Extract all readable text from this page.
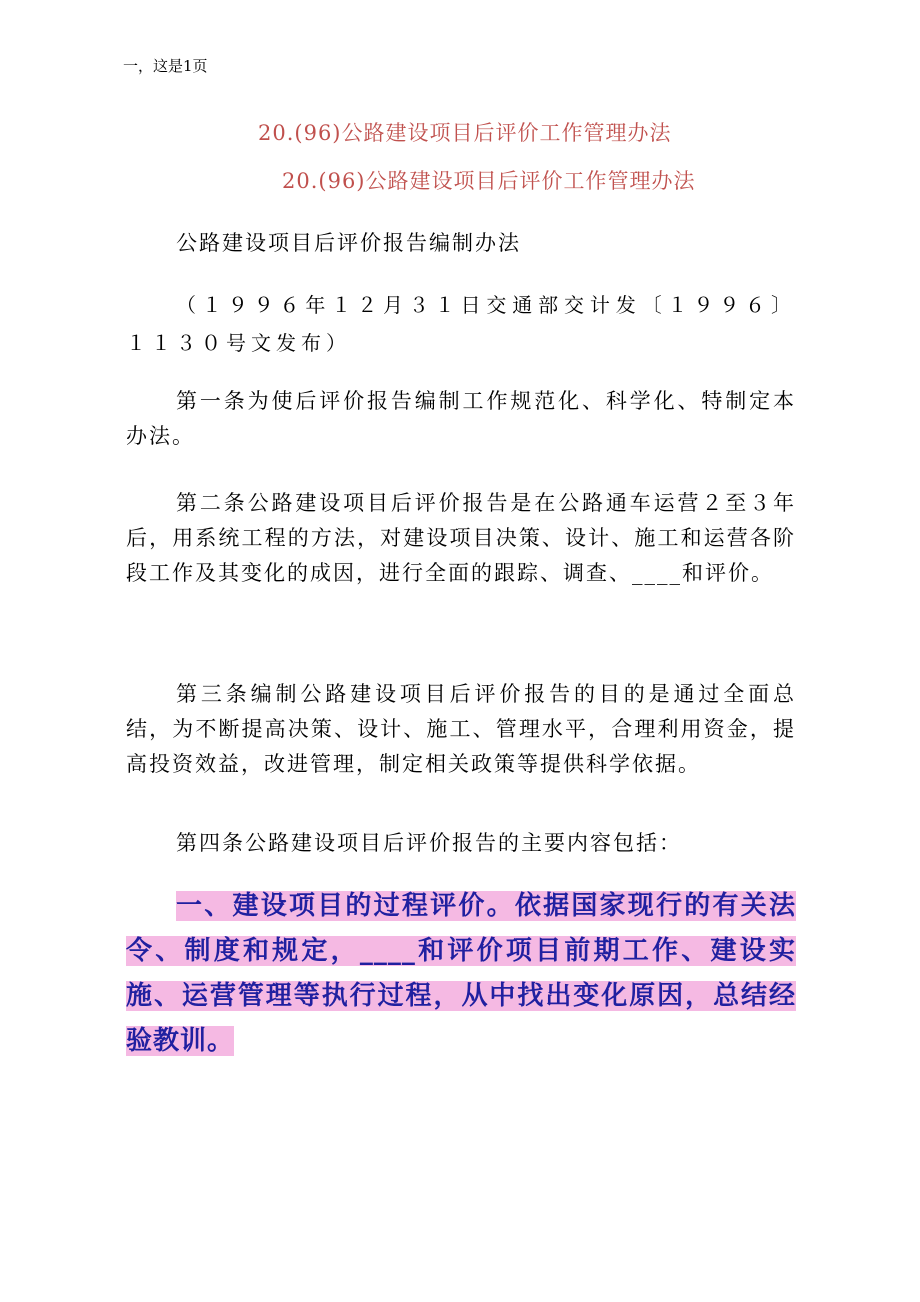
一，这是1页
20.(96)公路建设项目后评价工作管理办法
20.(96)公路建设项目后评价工作管理办法
公路建设项目后评价报告编制办法
（１９９６年１２月３１日交通部交计发〔１９９６〕１１３０号文发布）
第一条为使后评价报告编制工作规范化、科学化、特制定本办法。
第二条公路建设项目后评价报告是在公路通车运营２至３年后，用系统工程的方法，对建设项目决策、设计、施工和运营各阶段工作及其变化的成因，进行全面的跟踪、调查、____和评价。
第三条编制公路建设项目后评价报告的目的是通过全面总结，为不断提高决策、设计、施工、管理水平，合理利用资金，提高投资效益，改进管理，制定相关政策等提供科学依据。
第四条公路建设项目后评价报告的主要内容包括：
一、建设项目的过程评价。依据国家现行的有关法令、制度和规定，____和评价项目前期工作、建设实施、运营管理等执行过程，从中找出变化原因，总结经验教训。
